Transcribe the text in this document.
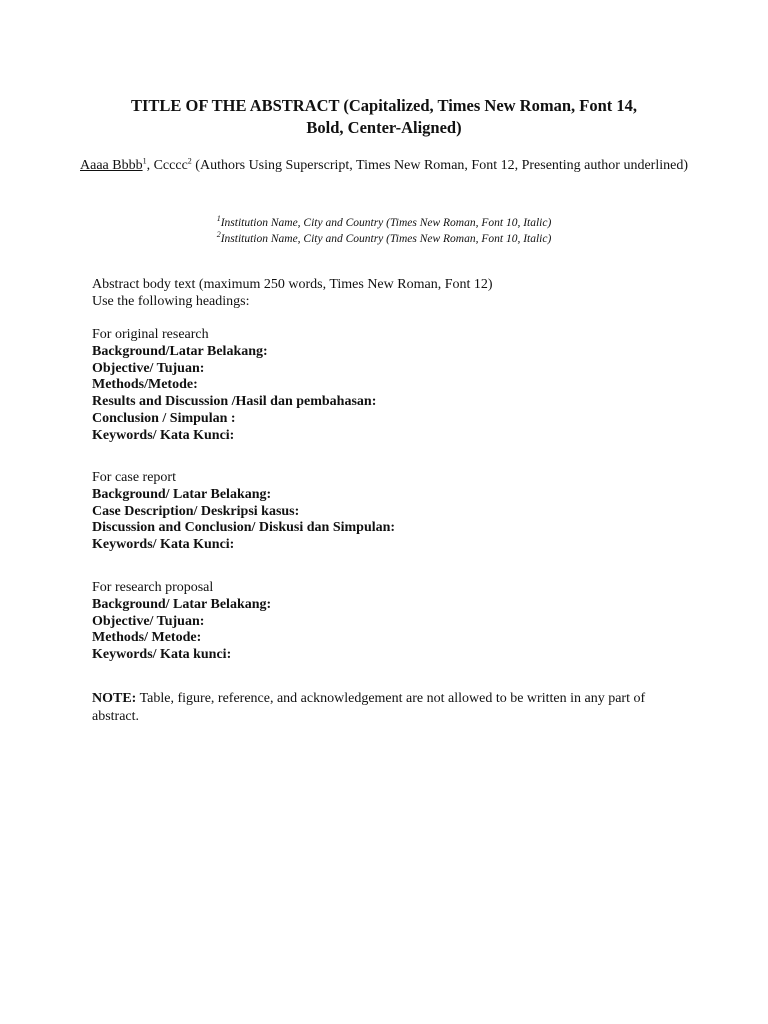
TITLE OF THE ABSTRACT (Capitalized, Times New Roman, Font 14,
Bold, Center-Aligned)
Aaaa Bbbb$^1$, Ccccc$^2$ (Authors Using Superscript, Times New Roman, Font 12, Presenting author underlined)
$^1$Institution Name, City and Country (Times New Roman, Font 10, Italic)
$^2$Institution Name, City and Country (Times New Roman, Font 10, Italic)
Abstract body text (maximum 250 words, Times New Roman, Font 12)
Use the following headings:
For original research
Background/Latar Belakang:
Objective/ Tujuan:
Methods/Metode:
Results and Discussion /Hasil dan pembahasan:
Conclusion / Simpulan :
Keywords/ Kata Kunci:
For case report
Background/ Latar Belakang:
Case Description/ Deskripsi kasus:
Discussion and Conclusion/ Diskusi dan Simpulan:
Keywords/ Kata Kunci:
For research proposal
Background/ Latar Belakang:
Objective/ Tujuan:
Methods/ Metode:
Keywords/ Kata kunci:
NOTE: Table, figure, reference, and acknowledgement are not allowed to be written in any part of abstract.
